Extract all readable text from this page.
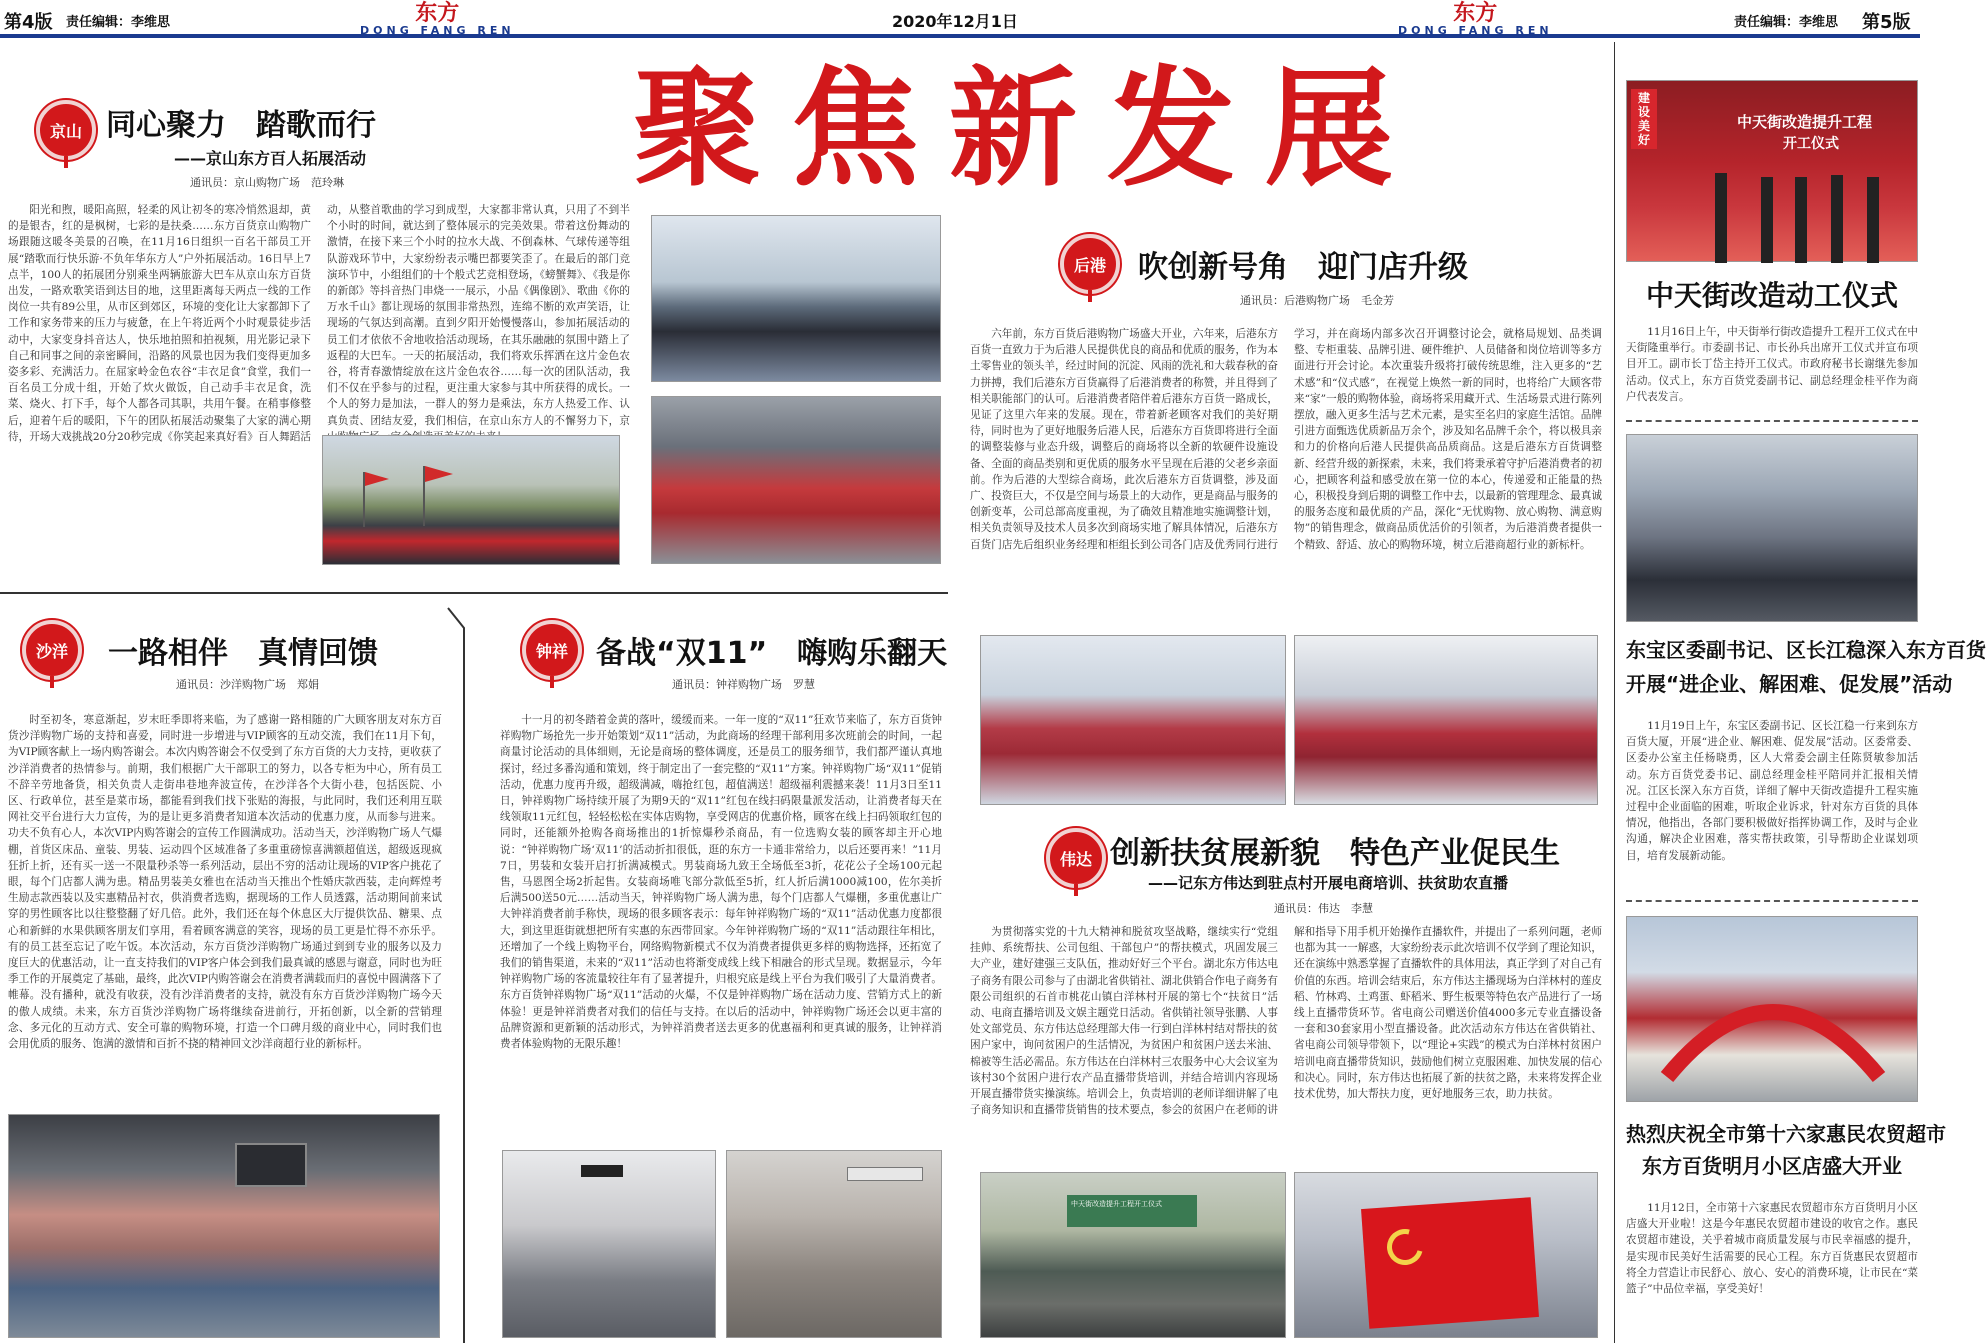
第4版 责任编辑：李维思	东方
DONG FANG REN	2020年12月1日	东方
DONG FANG REN
责任编辑：李维思 第5版
聚焦新发展
京山 同心聚力　踏歌而行
——京山东方百人拓展活动
通讯员：京山购物广场　范玲琳
阳光和煦，暖阳高照，轻柔的风让初冬的寒冷悄然退却，黄的是银杏，红的是枫树，七彩的是扶桑……东方百货京山购物广场跟随这暖冬美景的召唤，在11月16日组织一百名干部员工开展“踏歌而行快乐游·不负年华东方人”户外拓展活动。16日早上7点半，100人的拓展团分别乘坐两辆旅游大巴车从京山东方百货出发，一路欢歌笑语到达目的地，这里距离每天两点一线的工作岗位一共有89公里，从市区到郊区，环境的变化让大家都卸下了工作和家务带来的压力与疲惫，在上午将近两个小时观景徒步活动中，大家变身抖音达人，快乐地拍照和拍视频，用光影记录下自己和同事之间的亲密瞬间，沿路的风景也因为我们变得更加多姿多彩、充满活力。在屈家岭金色农谷“丰衣足食”食堂，我们一百名员工分成十组，开始了炊火做饭，自己动手丰衣足食，洗菜、烧火、打下手，每个人都各司其职，共用午餐。在稍事修整后，迎着午后的暖阳，下午的团队拓展活动聚集了大家的满心期待，开场大戏挑战20分20秒完成《你笑起来真好看》百人舞蹈活动，从整首歌曲的学习到成型，大家都非常认真，只用了不到半个小时的时间，就达到了整体展示的完美效果。带着这份舞动的激情，在接下来三个小时的拉水大战、不倒森林、气球传递等组队游戏环节中，大家纷纷表示嘴巴都要笑歪了。在最后的部门竞演环节中，小组组们的十个般式艺竞相登场，《螃蟹舞》、《我是你的新郎》等抖音热门串烧一一展示，小品《偶像剧》、歌曲《你的万水千山》都让现场的氛围非常热烈，连绵不断的欢声笑语，让现场的气氛达到高潮。直到夕阳开始慢慢落山，参加拓展活动的员工们才依依不舍地收拾活动现场，在其乐融融的氛围中踏上了返程的大巴车。一天的拓展活动，我们将欢乐挥洒在这片金色农谷，将青春激情绽放在这片金色农谷……每一次的团队活动，我们不仅在乎参与的过程，更注重大家参与其中所获得的成长。一个人的努力是加法，一群人的努力是乘法，东方人热爱工作、认真负责、团结友爱，我们相信，在京山东方人的不懈努力下，京
后港	吹创新号角　迎门店升级
通讯员：后港购物广场　毛金芳
六年前，东方百货后港购物广场盛大开业，六年来，后港东方百货一直致力于为后港人民提供优良的商品和优质的服务，作为本土零售业的领头羊，经过时间的沉淀、风雨的洗礼和大载春秋的奋力拼搏，我们后港东方百货赢得了后港消费者的称赞，并且得到了相关职能部门的认可。后港消费者陪伴着后港东方百货一路成长，见证了这里六年来的发展。现在，带着新老顾客对我们的美好期待，同时也为了更好地服务后港人民，后港东方百货即将进行全面的调整装修与业态升级，调整后的商场将以全新的软硬件设施设备、全面的商品类别和更优质的服务水平呈现在后港的父老乡亲面前。作为后港的大型综合商场，此次后港东方百货调整，涉及面广、投资巨大，不仅是空间与场景上的大动作，更是商品与服务的创新变革，公司总部高度重视，为了确效且精准地实施调整计划，相关负责领导及技术人员多次到商场实地了解具体情况，后港东方百货门店先后组织业务经理和柜组长到公司各门店及优秀同行进行学习，并在商场内部多次召开调整讨论会，就格局规划、品类调整、专柜重装、品牌引进、硬件维护、人员储备和岗位培训等多方面进行开会讨论。本次重装升级将打破传统思维，注入更多的“艺术感”和“仪式感”，在视觉上焕然一新的同时，也将给广大顾客带来“家”一般的购物体验，商场将采用藏开式、生活场景式进行陈列摆放，融入更多生活与艺术元素，是实至名归的家庭生活馆。品牌引进方面甄选优质新品万余个，涉及知名品牌千余个，将以极具亲和力的价格向后港人民提供高品质商品。这是后港东方百货调整新、经营升级的新探索，未来，我们将秉承着守护后港消费者的初心，把顾客利益和感受放在第一位的本心，传递爱和正能量的热心，积极投身到后期的调整工作中去，以最新的管理理念、最真诚的服务态度和最优质的产品，深化“无忧购物、放心购物、满意购物”的销售理念，做商品质优活价的引领者，为后港消费者提供一个精致、舒适、放心的购物环境，树立后港商超行业的新标杆。
伟达 创新扶贫展新貌　特色产业促民生
——记东方伟达到驻点村开展电商培训、扶贫助农直播
通讯员：伟达　李慧
为贯彻落实党的十九大精神和脱贫攻坚战略，继续实行“党组挂帅、系统帮扶、公司包组、干部包户”的帮扶模式，巩固发展三大产业，建好建强三支队伍，推动好好三个平台。湖北东方伟达电子商务有限公司参与了由湖北省供销社、湖北供销合作电子商务有限公司组织的石首市桃花山镇白洋林村开展的第七个“扶贫日”活动、电商直播培训及文娱主题党日活动。省供销社领导张鹏、人事处文部党员、东方伟达总经理部大伟一行到白洋林村结对帮扶的贫困户家中，询问贫困户的生活情况，为贫困户和贫困户送去米油、棉被等生活必需品。东方伟达在白洋林村三农服务中心大会议室为该村30个贫困户进行农产品直播带货培训，并结合培训内容现场开展直播带货实操演练。培训会上，负责培训的老师详细讲解了电子商务知识和直播带货销售的技术要点，参会的贫困户在老师的讲解和指导下用手机开始操作直播软件，并提出了一系列问题，老师也都为其一一解惑，大家纷纷表示此次培训不仅学到了理论知识，还在演练中熟悉掌握了直播软件的具体用法，真正学到了对自己有价值的东西。培训会结束后，东方伟达主播现场为白洋林村的莲皮稻、竹林鸡、土鸡蛋、虾稻米、野生板栗等特色农产品进行了一场线上直播带货环节。省电商公司赠送价值4000多元专业直播设备一套和30套家用小型直播设备。此次活动东方伟达在省供销社、省电商公司领导带领下，以“理论+实践”的模式为白洋林村贫困户培训电商直播带货知识，鼓励他们树立克服困难、加快发展的信心和决心。同时，东方伟达也拓展了新的扶贫之路，未来将发挥企业技术优势，加大帮扶力度，更好地服务三农，助力扶贫。
中天街改造提升工程开工仪式
沙洋	一路相伴　真情回馈
通讯员：沙洋购物广场　郑娟
时至初冬，寒意渐起，岁末旺季即将来临，为了感谢一路相随的广大顾客朋友对东方百货沙洋购物广场的支持和喜爱，同时进一步增进与VIP顾客的互动交流，我们在11月下旬，为VIP顾客献上一场内购答谢会。本次内购答谢会不仅受到了东方百货的大力支持，更收获了沙洋消费者的热情参与。前期，我们根据广大干部职工的努力，以各专柜为中心，所有员工不辞辛劳地备货，相关负责人走街串巷地奔波宣传，在沙洋各个大街小巷，包括医院、小区、行政单位，甚至是菜市场，都能看到我们找下张贴的海报，与此同时，我们还利用互联网社交平台进行大力宣传，为的是让更多消费者知道本次活动的优惠力度，从而参与进来。功夫不负有心人，本次VIP内购答谢会的宣传工作圆满成功。活动当天，沙洋购物广场人气爆棚，首货区床品、童装、男装、运动四个区域准备了多重重磅惊喜满额超值送，超级返现疯狂折上折，还有买一送一不限量秒杀等一系列活动，层出不穷的活动让现场的VIP客户挑花了眼，每个门店都人满为患。精品男装美女雅也在活动当天推出个性婚庆款西装，走向辉煌考生励志款西装以及实惠精品衬衣，供消费者选购，据现场的工作人员透露，活动期间前来试穿的男性顾客比以往整整翻了好几倍。此外，我们还在每个休息区大厅提供饮品、糖果、点心和新鲜的水果供顾客朋友们享用，看着顾客满意的笑容，现场的员工更是忙得不亦乐乎。有的员工甚至忘记了吃午饭。本次活动，东方百货沙洋购物广场通过到到专业的服务以及力度巨大的优惠活动，让一直支持我们的VIP客户体会到我们最真诚的感恩与谢意，同时也为旺季工作的开展奠定了基础，最终，此次VIP内购答谢会在消费者满载而归的喜悦中圆满落下了帷幕。没有播种，就没有收获，没有沙洋消费者的支持，就没有东方百货沙洋购物广场今天的傲人成绩。未来，东方百货沙洋购物广场将继续奋进前行，开拓创新，以全新的营销理念、多元化的互动方式、安全可靠的购物环境，打造一个口碑月级的商业中心，同时我们也会用优质的服务、饱满的激情和百折不挠的精神回文沙洋商超行业的新标杆。
钟祥 备战“双11”　嗨购乐翻天
通讯员：钟祥购物广场　罗慧
十一月的初冬踏着金黄的落叶，缓缓而来。一年一度的“双11”狂欢节来临了，东方百货钟祥购物广场抢先一步开始策划“双11”活动，为此商场的经理干部利用多次班前会的时间，一起商量讨论活动的具体细则，无论是商场的整体调度，还是员工的服务细节，我们都严谨认真地探讨，经过多番沟通和策划，终于制定出了一套完整的“双11”方案。钟祥购物广场“双11”促销活动，优惠力度再升级，超级满减，嗨抢红包，超值满送！超级福利震撼来袭！11月3日至11日，钟祥购物广场持续开展了为期9天的“双11”红包在线扫码限量派发活动，让消费者每天在线领取11元红包，轻轻松松在实体店购物，享受网店的优惠价格，顾客在线上扫码领取红包的同时，还能额外抢购各商场推出的1折惊爆秒杀商品，有一位选购女装的顾客却主开心地说：“钟祥购物广场‘双11’的活动折扣很低，逛的东方一卡通非常给力，以后还要再来！”11月7日，男装和女装开启打折满减模式。男装商场九致王全场低至3折，花花公子全场100元起售，马恩图全场2折起售。女装商场唯飞部分款低至5折，红人折后满1000减100，佐尔美折后满500送50元……活动当天，钟祥购物广场人满为患，每个门店都人气爆棚，多重优惠让广大钟祥消费者前手称快，现场的很多顾客表示：每年钟祥购物广场的“双11”活动优惠力度都很大，到这里逛街就想把所有实惠的东西带回家。今年钟祥购物广场的“双11”活动跟往年相比，还增加了一个线上购物平台，网络购物新模式不仅为消费者提供更多样的购物选择，还拓宽了我们的销售渠道，未来的“双11”活动也将渐变成线上线下相融合的形式呈现。数据显示，今年钟祥购物广场的客流量较往年有了显著提升，归根究底是线上平台为我们吸引了大量消费者。东方百货钟祥购物广场“双11”活动的火爆，不仅是钟祥购物广场在活动力度、营销方式上的新体验！更是钟祥消费者对我们的信任与支持。在以后的活动中，钟祥购物广场还会以更丰富的品牌资源和更新颖的活动形式，为钟祥消费者送去更多的优惠福利和更真诚的服务，让钟祥消费者体验购物的无限乐趣！
中天街改造提升工程
开工仪式
建设美好
中天街改造动工仪式
11月16日上午，中天街举行街改造提升工程开工仪式在中天街隆重举行。市委副书记、市长孙兵出席开工仪式并宣布项目开工。副市长丁岱主持开工仪式。市政府秘书长谢继先参加活动。仪式上，东方百货党委副书记、副总经理金桂平作为商户代表发言。
东宝区委副书记、区长江稳深入东方百货
开展“进企业、解困难、促发展”活动
11月19日上午，东宝区委副书记、区长江稳一行来到东方百货大厦，开展“进企业、解困难、促发展”活动。区委常委、区委办公室主任杨晓勇，区人大常委会副主任陈贤敏参加活动。东方百货党委书记、副总经理金桂平陪同并汇报相关情况。江区长深入东方百货，详细了解中天街改造提升工程实施过程中企业面临的困难，听取企业诉求，针对东方百货的具体情况，他指出，各部门要积极做好指挥协调工作，及时与企业沟通，解决企业困难，落实帮扶政策，引导帮助企业谋划项目，培育发展新动能。
热烈庆祝全市第十六家惠民农贸超市
东方百货明月小区店盛大开业
11月12日，全市第十六家惠民农贸超市东方百货明月小区店盛大开业啦！这是今年惠民农贸超市建设的收官之作。惠民农贸超市建设，关乎着城市商质量发展与市民幸福感的提升，是实现市民美好生活需要的民心工程。东方百货惠民农贸超市将全力营造让市民舒心、放心、安心的消费环境，让市民在“菜篮子”中品位幸福，享受美好！
